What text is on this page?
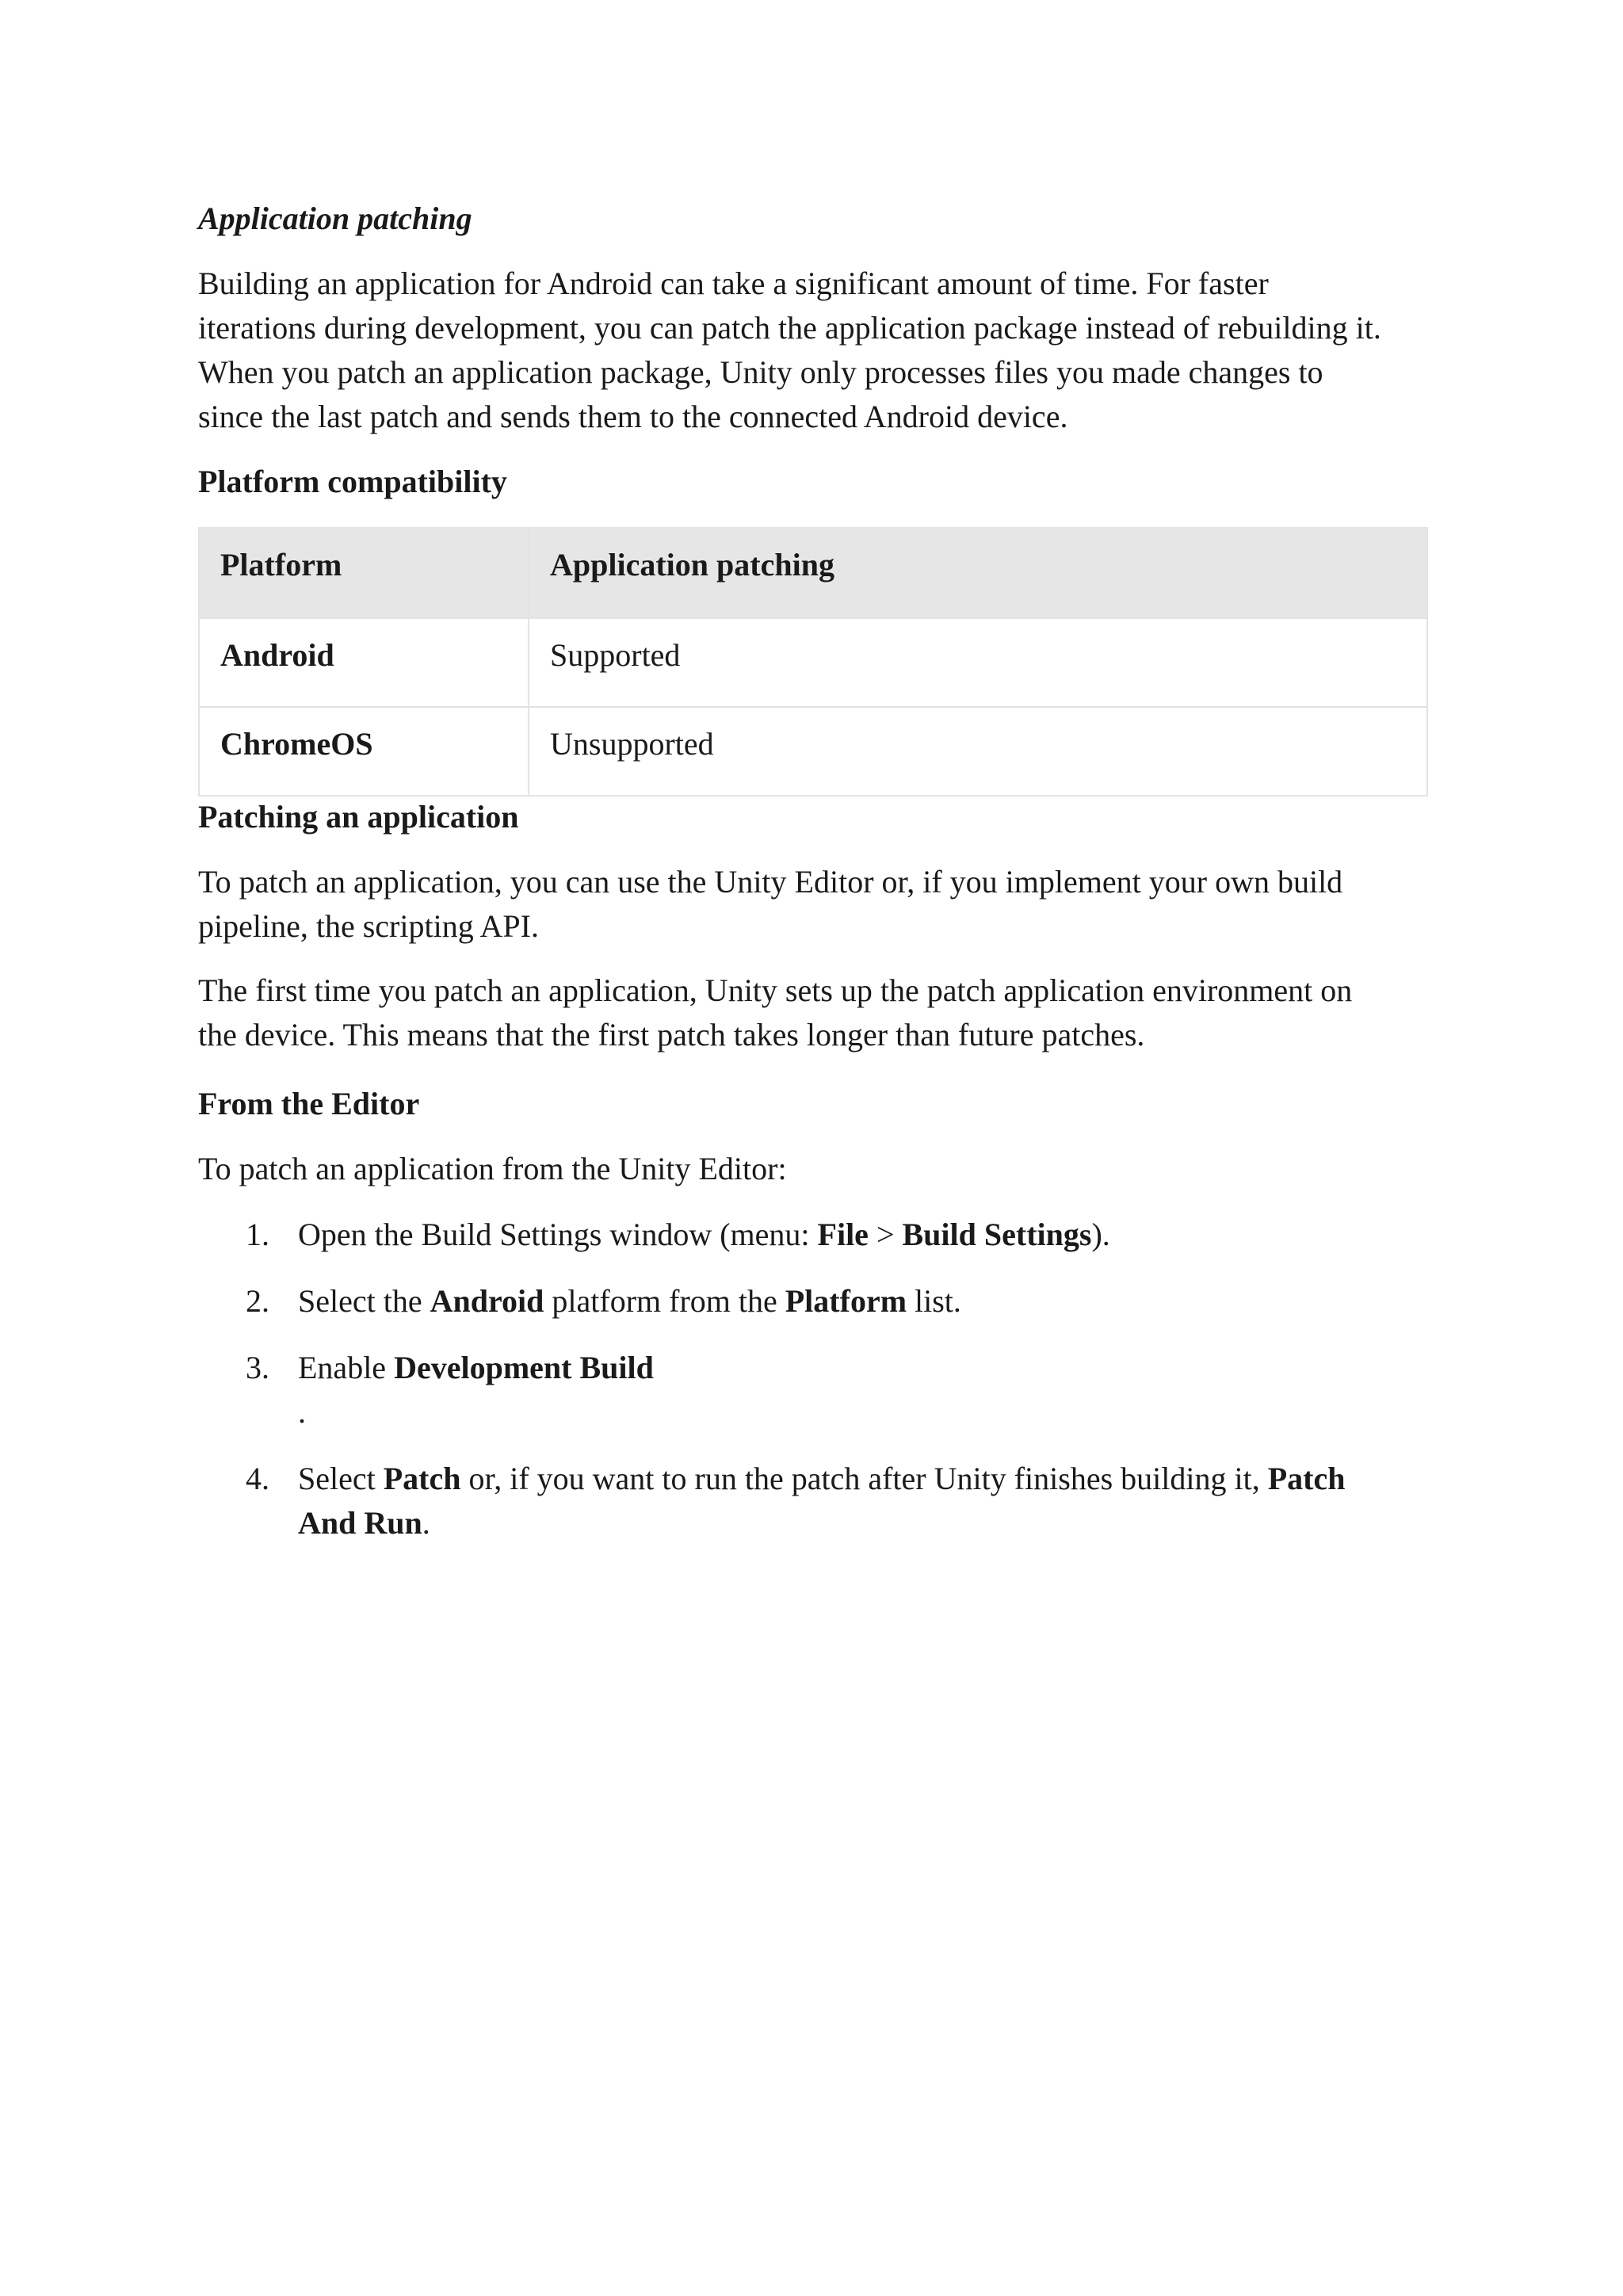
Application patching

Building an application for Android can take a significant amount of time. For faster
iterations during development, you can patch the application package instead of rebuilding it.
When you patch an application package, Unity only processes files you made changes to
since the last patch and sends them to the connected Android device.

Platform compatibility
Platform	Application patching
Android	Supported
ChromeOS	Unsupported
Patching an application

To patch an application, you can use the Unity Editor or, if you implement your own build
pipeline, the scripting API.

The first time you patch an application, Unity sets up the patch application environment on
the device. This means that the first patch takes longer than future patches.

From the Editor

To patch an application from the Unity Editor:

1. Open the Build Settings window (menu: File > Build Settings).
2. Select the Android platform from the Platform list.
3. Enable Development Build
.
4. Select Patch or, if you want to run the patch after Unity finishes building it, Patch
And Run.
